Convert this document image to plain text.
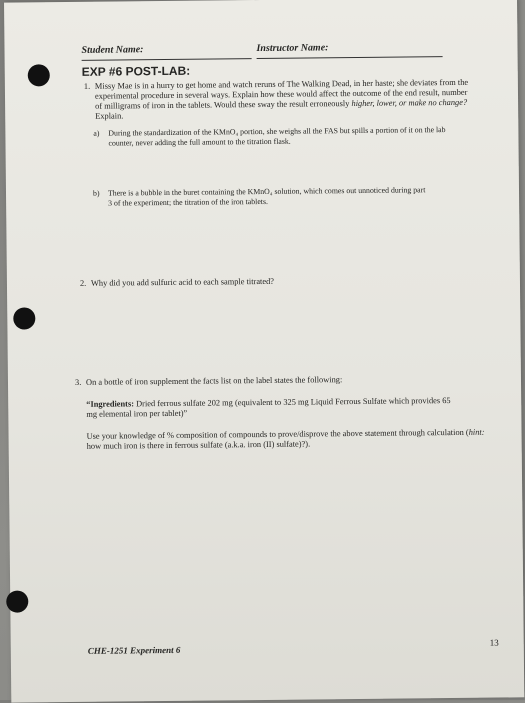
Student Name:	Instructor Name:
EXP #6 POST-LAB:
1. Missy Mae is in a hurry to get home and watch reruns of The Walking Dead, in her haste; she deviates from the experimental procedure in several ways. Explain how these would affect the outcome of the end result, number of milligrams of iron in the tablets. Would these sway the result erroneously higher, lower, or make no change? Explain.

a) During the standardization of the KMnO₄ portion, she weighs all the FAS but spills a portion of it on the lab counter, never adding the full amount to the titration flask.

b) There is a bubble in the buret containing the KMnO₄ solution, which comes out unnoticed during part 3 of the experiment; the titration of the iron tablets.

2. Why did you add sulfuric acid to each sample titrated?

3. On a bottle of iron supplement the facts list on the label states the following:

“Ingredients: Dried ferrous sulfate 202 mg (equivalent to 325 mg Liquid Ferrous Sulfate which provides 65 mg elemental iron per tablet)”

Use your knowledge of % composition of compounds to prove/disprove the above statement through calculation (hint: how much iron is there in ferrous sulfate (a.k.a. iron (II) sulfate)?).

CHE-1251 Experiment 6
13
